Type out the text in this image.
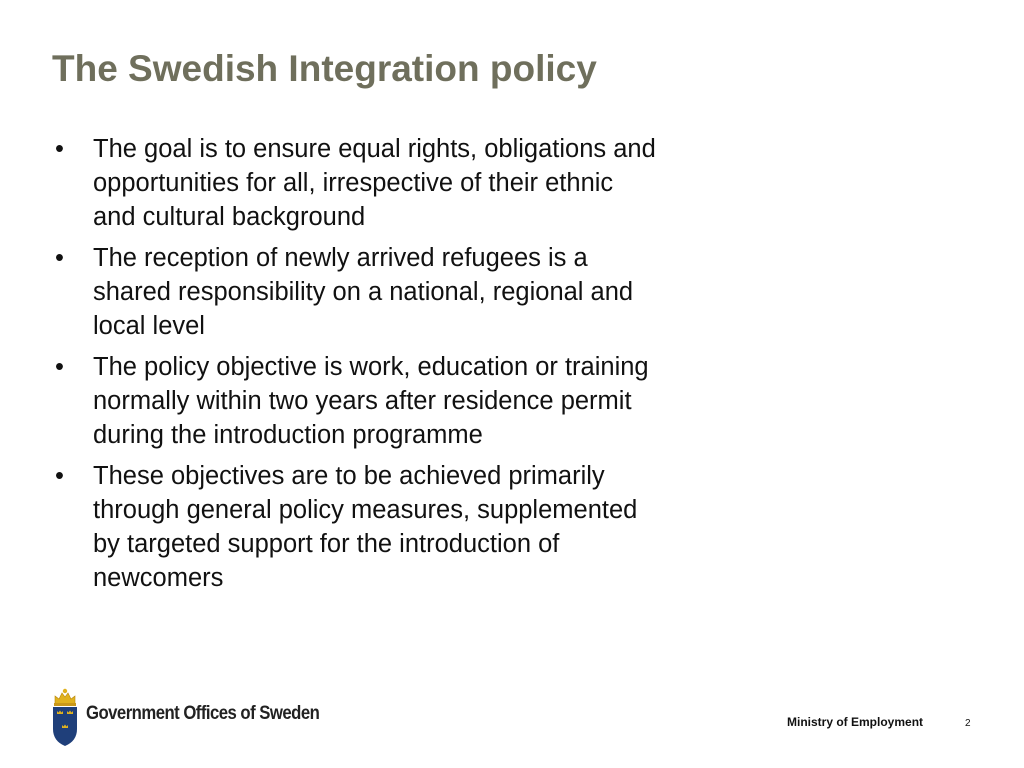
The Swedish Integration policy
• The goal is to ensure equal rights, obligations and opportunities for all, irrespective of their ethnic and cultural background
• The reception of newly arrived refugees is a shared responsibility on a national, regional and local level
• The policy objective is work, education or training normally within two years after residence permit during the introduction programme
• These objectives are to be achieved primarily through general policy measures, supplemented by targeted support for the introduction of newcomers
Government Offices of Sweden	Ministry of Employment	2
